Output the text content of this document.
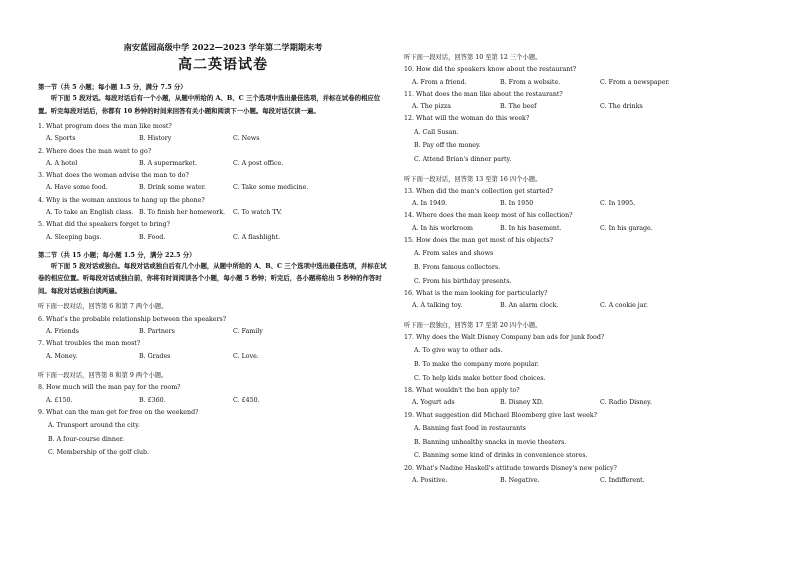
南安蓝园高级中学 2022—2023 学年第二学期期末考
高二英语试卷
第一节（共 5 小题；每小题 1.5 分，满分 7.5 分）
听下面 5 段对话。每段对话后有一个小题，从题中所给的 A、B、C 三个选项中选出最佳选项，并标在试卷的相应位置。听完每段对话后，你都有 10 秒钟的时间来回答有关小题和阅读下一小题。每段对话仅读一遍。
1. What program does the man like most?
A. Sports	B. History	C. News
2. Where does the man want to go?
A. A hotel	B. A supermarket.	C. A post office.
3. What does the woman advise the man to do?
A. Have some food.	B. Drink some water.	C. Take some medicine.
4. Why is the woman anxious to hang up the phone?
A. To take an English class. B. To finish her homework. C. To watch TV.
5. What did the speakers forget to bring?
A. Sleeping bags.	B. Food.	C. A flashlight.
第二节（共 15 小题；每小题 1.5 分，满分 22.5 分）
听下面 5 段对话或独白。每段对话或独白后有几个小题，从题中所给的 A、B、C 三个选项中选出最佳选项，并标在试卷的相应位置。听每段对话或独白前，你将有时间阅读各个小题，每小题 5 秒钟；听完后，各小题将给出 5 秒钟的作答时间。每段对话或独白读两遍。
听下面一段对话，回答第 6 和第 7 两个小题。
6. What's the probable relationship between the speakers?
A. Friends	B. Partners	C. Family
7. What troubles the man most?
A. Money.	B. Grades	C. Love.
听下面一段对话，回答第 8 和第 9 两个小题。
8. How much will the man pay for the room?
A. £150.	B. £360.	C. £450.
9. What can the man get for free on the weekend?
A. Transport around the city.
B. A four-course dinner.
C. Membership of the golf club.
听下面一段对话，回答第 10 至第 12 三个小题。
10. How did the speakers know about the restaurant?
A. From a friend.	B. From a website.	C. From a newspaper.
11. What does the man like about the restaurant?
A. The pizza	B. The beef	C. The drinks
12. What will the woman do this week?
A. Call Susan.
B. Pay off the money.
C. Attend Brian's dinner party.
听下面一段对话，回答第 13 至第 16 四个小题。
13. When did the man's collection get started?
A. In 1949.	B. In 1950	C. In 1995.
14. Where does the man keep most of his collection?
A. In his workroom	B. In his basement.	C. In his garage.
15. How does the man get most of his objects?
A. From sales and shows
B. From famous collectors.
C. From his birthday presents.
16. What is the man looking for particularly?
A. A talking toy.	B. An alarm clock.	C. A cookie jar.
听下面一段独白，回答第 17 至第 20 四个小题。
17. Why does the Walt Disney Company ban ads for junk food?
A. To give way to other ads.
B. To make the company more popular.
C. To help kids make better food choices.
18. What wouldn't the ban apply to?
A. Yogurt ads	B. Disney XD.	C. Radio Disney.
19. What suggestion did Michael Bloomberg give last week?
A. Banning fast food in restaurants
B. Banning unhealthy snacks in movie theaters.
C. Banning some kind of drinks in convenience stores.
20. What's Nadine Haskell's attitude towards Disney's new policy?
A. Positive.	B. Negative.	C. Indifferent.
